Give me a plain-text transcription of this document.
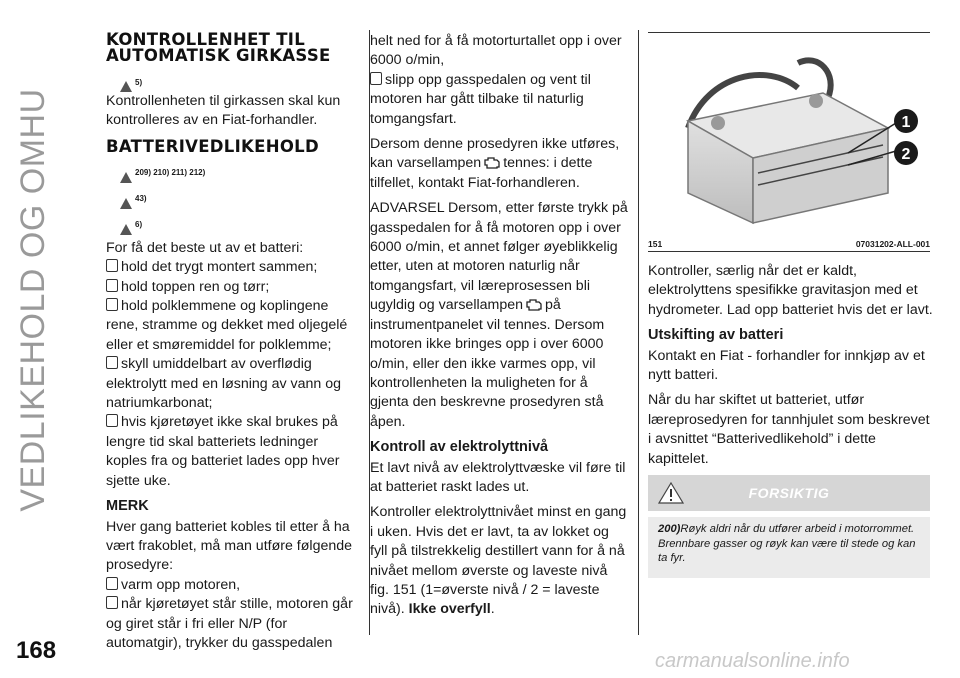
VEDLIKEHOLD OG OMHU
KONTROLLENHET TIL
AUTOMATISK GIRKASSE
5)

Kontrollenheten til girkassen skal kun kontrolleres av en Fiat-forhandler.

BATTERIVEDLIKEHOLD
209) 210) 211) 212)
43)
6)
For få det beste ut av et batteri:
hold det trygt montert sammen;
hold toppen ren og tørr;
hold polklemmene og koplingene rene, stramme og dekket med oljegelé eller et smøremiddel for polklemme;
skyll umiddelbart av overflødig elektrolytt med en løsning av vann og natriumkarbonat;
hvis kjøretøyet ikke skal brukes på lengre tid skal batteriets ledninger koples fra og batteriet lades opp hver sjette uke.
MERK
Hver gang batteriet kobles til etter å ha vært frakoblet, må man utføre følgende prosedyre:
varm opp motoren,
når kjøretøyet står stille, motoren går og giret står i fri eller N/P (for automatgir), trykker du gasspedalen
helt ned for å få motorturtallet opp i over 6000 o/min,

slipp opp gasspedalen og vent til motoren har gått tilbake til naturlig tomgangsfart.

Dersom denne prosedyren ikke utføres, kan varsellampen tennes: i dette tilfellet, kontakt Fiat-forhandleren.

ADVARSEL Dersom, etter første trykk på gasspedalen for å få motoren opp i over 6000 o/min, et annet følger øyeblikkelig etter, uten at motoren naturlig når tomgangsfart, vil læreprosessen bli ugyldig og varsellampen på instrumentpanelet vil tennes. Dersom motoren ikke bringes opp i over 6000 o/min, eller den ikke varmes opp, vil kontrollenheten la muligheten for å gjenta den beskrevne prosedyren stå åpen.

Kontroll av elektrolyttnivå

Et lavt nivå av elektrolyttvæske vil føre til at batteriet raskt lades ut.

Kontroller elektrolyttnivået minst en gang i uken. Hvis det er lavt, ta av lokket og fyll på tilstrekkelig destillert vann for å nå nivået mellom øverste og laveste nivå fig. 151 (1=øverste nivå / 2 = laveste nivå). Ikke overfyll.

1
2
151	07031202-ALL-001

Kontroller, særlig når det er kaldt, elektrolyttens spesifikke gravitasjon med et hydrometer. Lad opp batteriet hvis det er lavt.

Utskifting av batteri

Kontakt en Fiat - forhandler for innkjøp av et nytt batteri.

Når du har skiftet ut batteriet, utfør læreprosedyren for tannhjulet som beskrevet i avsnittet “Batterivedlikehold” i dette kapittelet.

FORSIKTIG
200)Røyk aldri når du utfører arbeid i motorrommet. Brennbare gasser og røyk kan være til stede og kan ta fyr.
168	carmanualsonline.info
